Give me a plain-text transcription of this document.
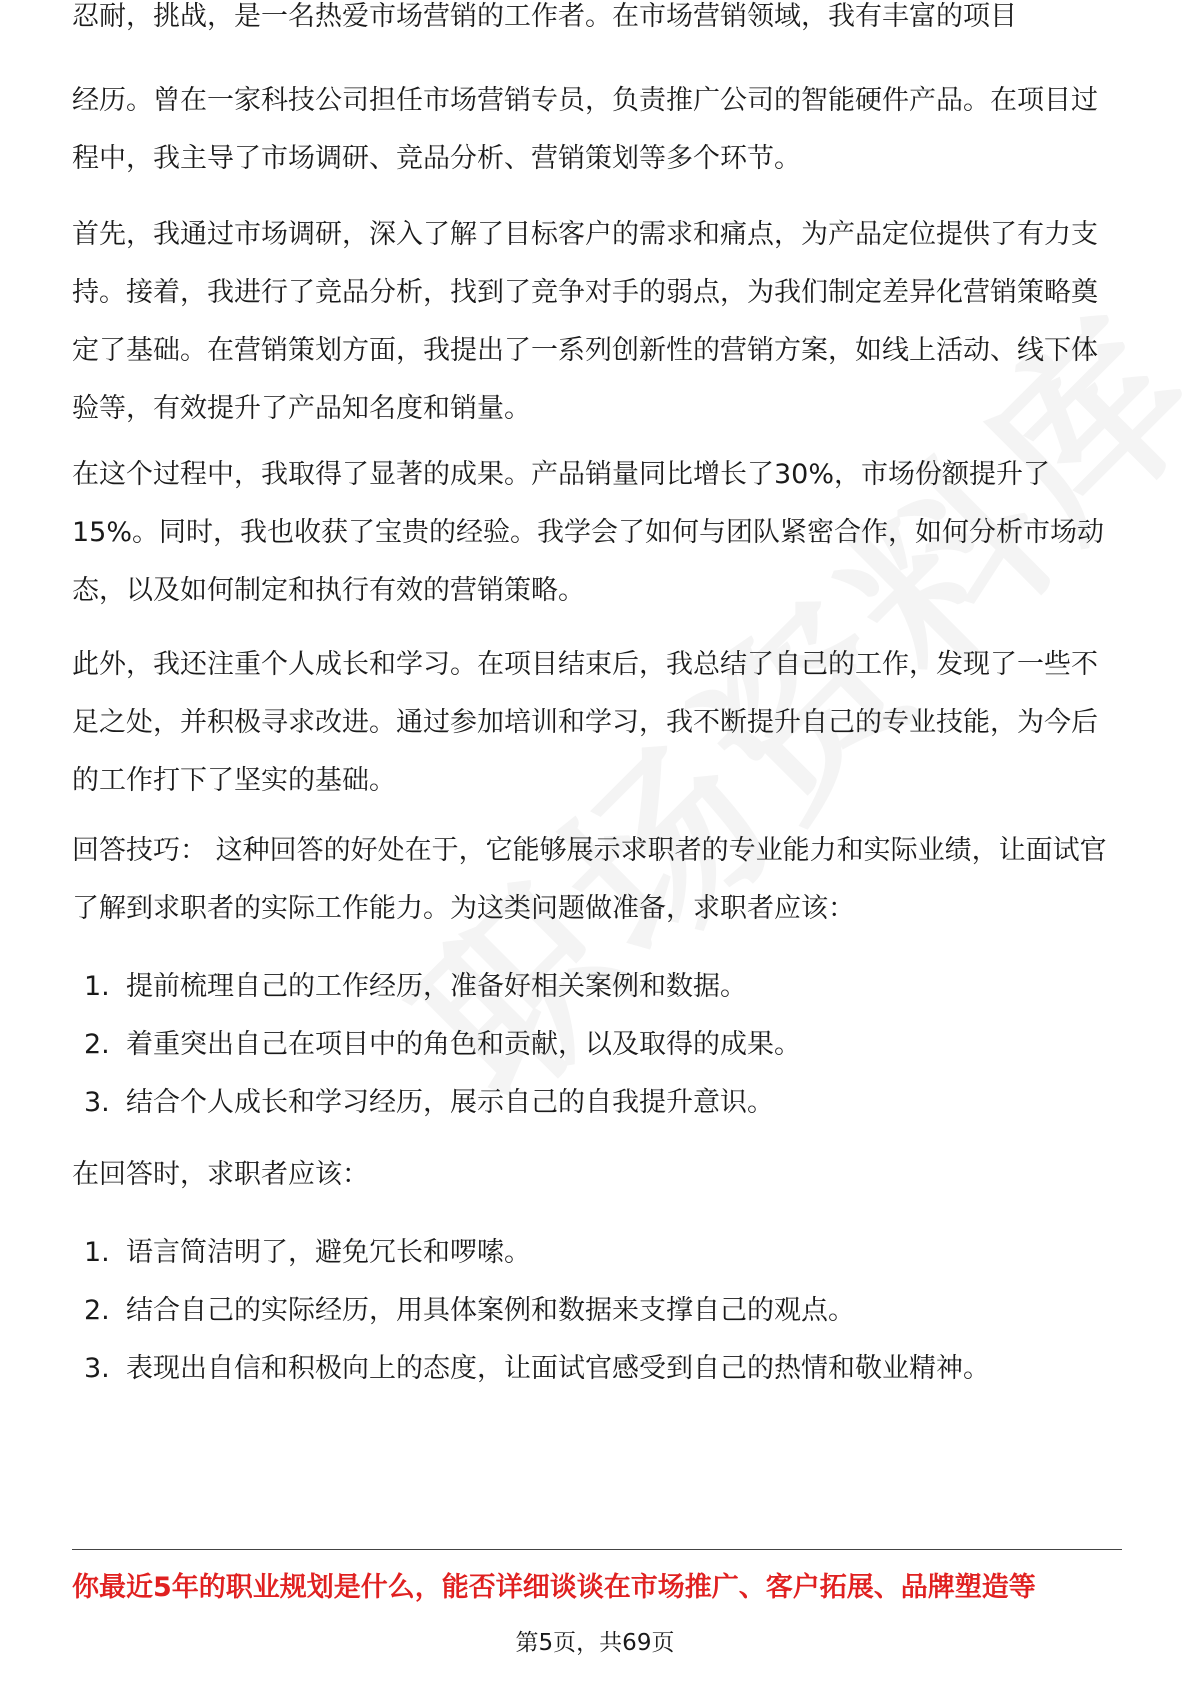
忍耐，挑战，是一名热爱市场营销的工作者。在市场营销领域，我有丰富的项目

经历。曾在一家科技公司担任市场营销专员，负责推广公司的智能硬件产品。在项目过程中，我主导了市场调研、竞品分析、营销策划等多个环节。

首先，我通过市场调研，深入了解了目标客户的需求和痛点，为产品定位提供了有力支持。接着，我进行了竞品分析，找到了竞争对手的弱点，为我们制定差异化营销策略奠定了基础。在营销策划方面，我提出了一系列创新性的营销方案，如线上活动、线下体验等，有效提升了产品知名度和销量。

在这个过程中，我取得了显著的成果。产品销量同比增长了30%，市场份额提升了15%。同时，我也收获了宝贵的经验。我学会了如何与团队紧密合作，如何分析市场动态，以及如何制定和执行有效的营销策略。

此外，我还注重个人成长和学习。在项目结束后，我总结了自己的工作，发现了一些不足之处，并积极寻求改进。通过参加培训和学习，我不断提升自己的专业技能，为今后的工作打下了坚实的基础。

回答技巧： 这种回答的好处在于，它能够展示求职者的专业能力和实际业绩，让面试官了解到求职者的实际工作能力。为这类问题做准备，求职者应该：

1. 提前梳理自己的工作经历，准备好相关案例和数据。
2. 着重突出自己在项目中的角色和贡献，以及取得的成果。
3. 结合个人成长和学习经历，展示自己的自我提升意识。
在回答时，求职者应该：
1. 语言简洁明了，避免冗长和啰嗦。
2. 结合自己的实际经历，用具体案例和数据来支撑自己的观点。
3. 表现出自信和积极向上的态度，让面试官感受到自己的热情和敬业精神。
你最近5年的职业规划是什么，能否详细谈谈在市场推广、客户拓展、品牌塑造等
第5页，共69页
